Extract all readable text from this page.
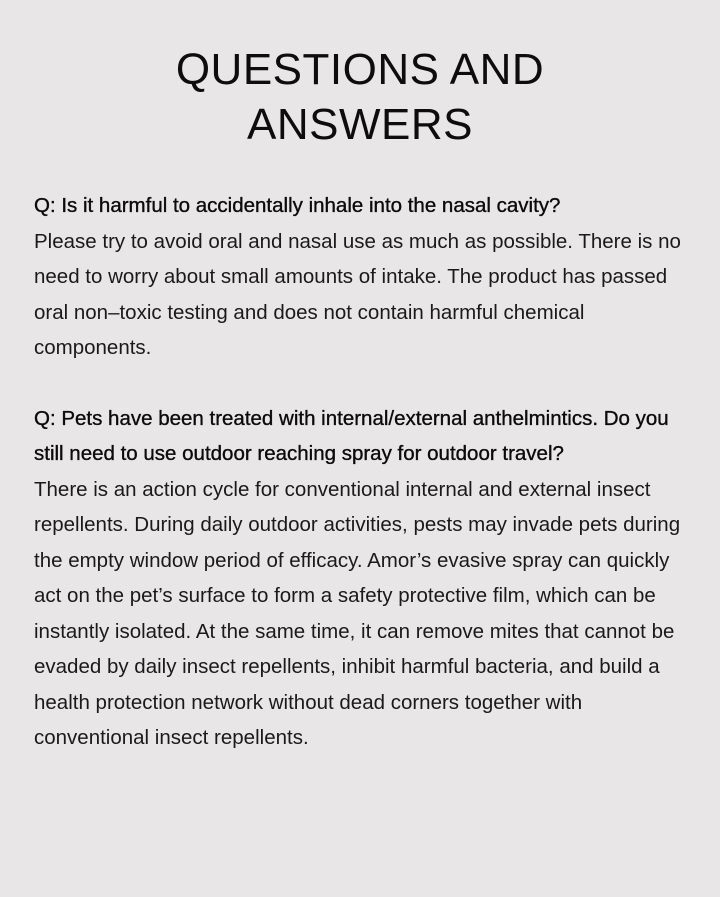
QUESTIONS AND
ANSWERS

Q: Is it harmful to accidentally inhale into the nasal cavity?

Please try to avoid oral and nasal use as much as possible. There is no need to worry about small amounts of intake. The product has passed oral non–toxic testing and does not contain harmful chemical components.

Q: Pets have been treated with internal/external anthelmintics. Do you still need to use outdoor reaching spray for outdoor travel?

There is an action cycle for conventional internal and external insect repellents. During daily outdoor activities, pests may invade pets during the empty window period of efficacy. Amor’s evasive spray can quickly act on the pet’s surface to form a safety protective film, which can be instantly isolated. At the same time, it can remove mites that cannot be evaded by daily insect repellents, inhibit harmful bacteria, and build a health protection network without dead corners together with conventional insect repellents.
